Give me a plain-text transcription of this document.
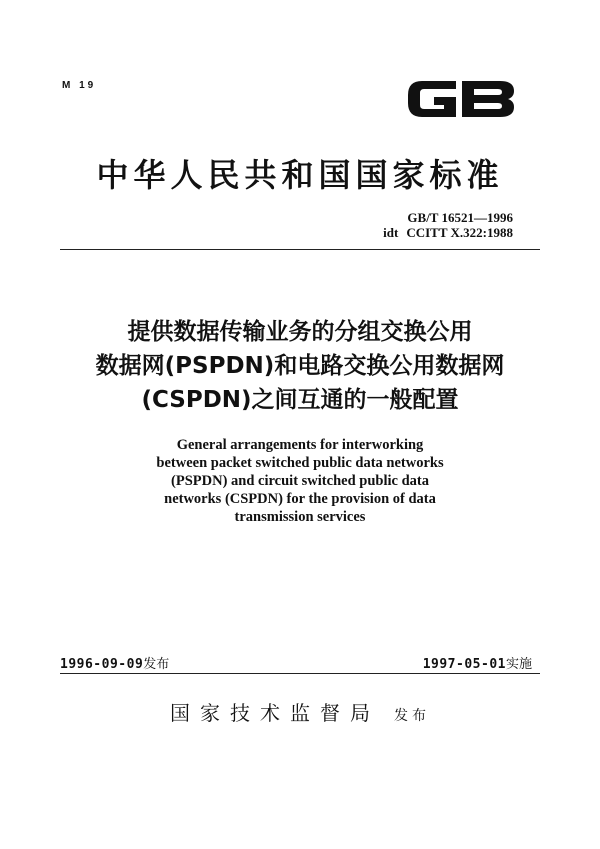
M 19
中华人民共和国国家标准
GB/T 16521—1996
idt CCITT X.322:1988
提供数据传输业务的分组交换公用
数据网(PSPDN)和电路交换公用数据网
(CSPDN)之间互通的一般配置
General arrangements for interworking
between packet switched public data networks
(PSPDN) and circuit switched public data
networks (CSPDN) for the provision of data
transmission services
1996-09-09发布	1997-05-01实施
国家技术监督局 发布
